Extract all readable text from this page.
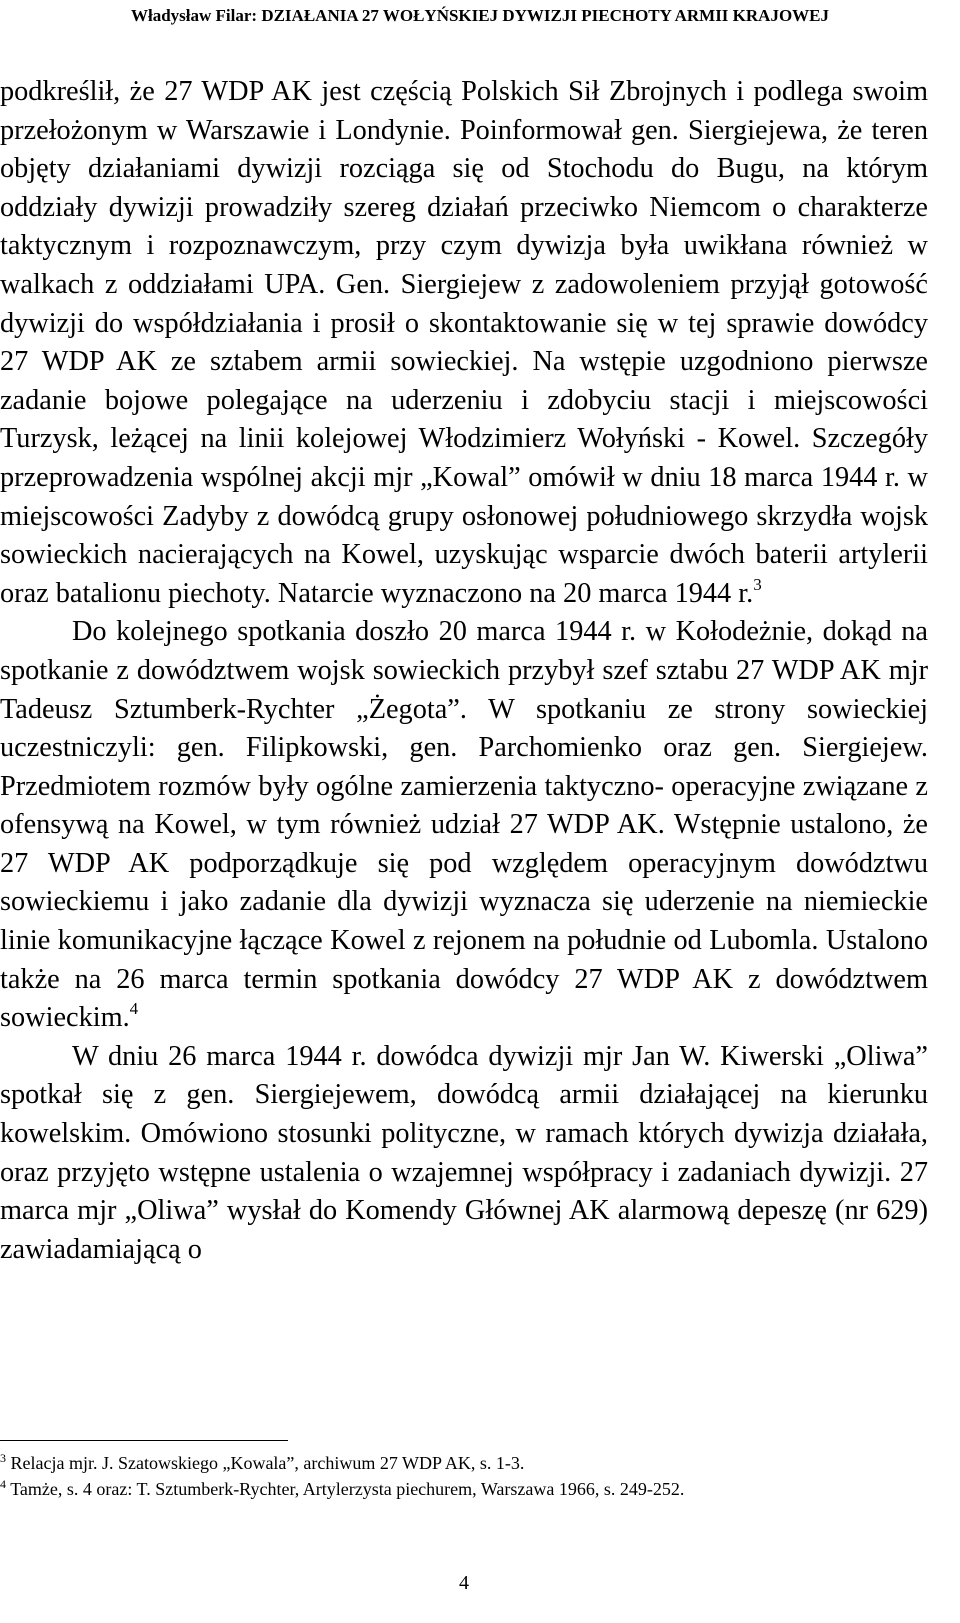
Władysław Filar: DZIAŁANIA 27 WOŁYŃSKIEJ DYWIZJI PIECHOTY ARMII KRAJOWEJ

podkreślił, że 27 WDP AK jest częścią Polskich Sił Zbrojnych i podlega swoim przełożonym w Warszawie i Londynie. Poinformował gen. Siergiejewa, że teren objęty działaniami dywizji rozciąga się od Stochodu do Bugu, na którym oddziały dywizji prowadziły szereg działań przeciwko Niemcom o charakterze taktycznym i rozpoznawczym, przy czym dywizja była uwikłana również w walkach z oddziałami UPA. Gen. Siergiejew z zadowoleniem przyjął gotowość dywizji do współdziałania i prosił o skontaktowanie się w tej sprawie dowódcy 27 WDP AK ze sztabem armii sowieckiej. Na wstępie uzgodniono pierwsze zadanie bojowe polegające na uderzeniu i zdobyciu stacji i miejscowości Turzysk, leżącej na linii kolejowej Włodzimierz Wołyński - Kowel. Szczegóły przeprowadzenia wspólnej akcji mjr „Kowal” omówił w dniu 18 marca 1944 r. w miejscowości Zadyby z dowódcą grupy osłonowej południowego skrzydła wojsk sowieckich nacierających na Kowel, uzyskując wsparcie dwóch baterii artylerii oraz batalionu piechoty. Natarcie wyznaczono na 20 marca 1944 r.$^3$

Do kolejnego spotkania doszło 20 marca 1944 r. w Kołodeżnie, dokąd na spotkanie z dowództwem wojsk sowieckich przybył szef sztabu 27 WDP AK mjr Tadeusz Sztumberk-Rychter „Żegota”. W spotkaniu ze strony sowieckiej uczestniczyli: gen. Filipkowski, gen. Parchomienko oraz gen. Siergiejew. Przedmiotem rozmów były ogólne zamierzenia taktyczno- operacyjne związane z ofensywą na Kowel, w tym również udział 27 WDP AK. Wstępnie ustalono, że 27 WDP AK podporządkuje się pod względem operacyjnym dowództwu sowieckiemu i jako zadanie dla dywizji wyznacza się uderzenie na niemieckie linie komunikacyjne łączące Kowel z rejonem na południe od Lubomla. Ustalono także na 26 marca termin spotkania dowódcy 27 WDP AK z dowództwem sowieckim.$^4$

W dniu 26 marca 1944 r. dowódca dywizji mjr Jan W. Kiwerski „Oliwa” spotkał się z gen. Siergiejewem, dowódcą armii działającej na kierunku kowelskim. Omówiono stosunki polityczne, w ramach których dywizja działała, oraz przyjęto wstępne ustalenia o wzajemnej współpracy i zadaniach dywizji. 27 marca mjr „Oliwa” wysłał do Komendy Głównej AK alarmową depeszę (nr 629) zawiadamiającą o

$^3$ Relacja mjr. J. Szatowskiego „Kowala”, archiwum 27 WDP AK, s. 1-3.

$^4$ Tamże, s. 4 oraz: T. Sztumberk-Rychter, Artylerzysta piechurem, Warszawa 1966, s. 249-252.

4
